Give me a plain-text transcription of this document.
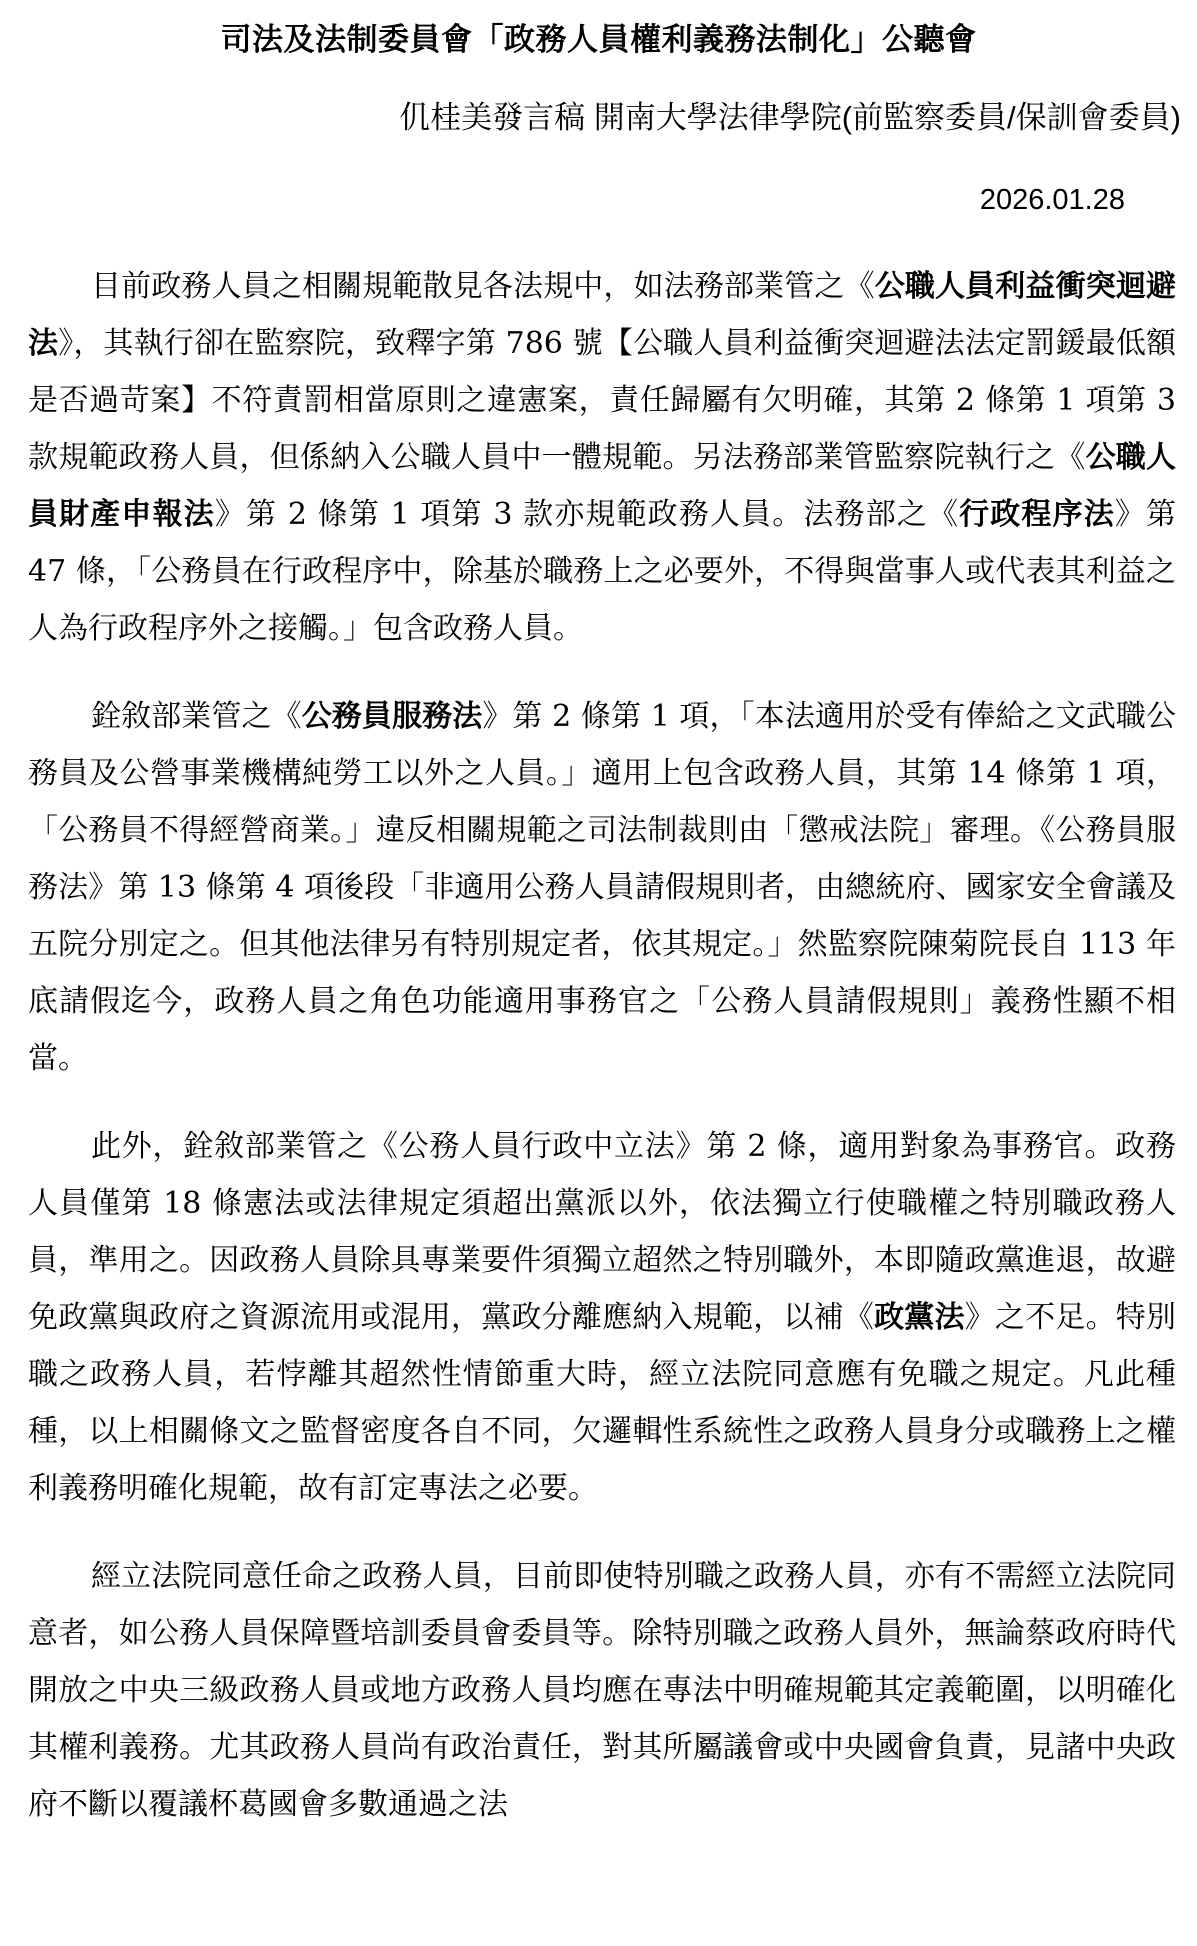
司法及法制委員會「政務人員權利義務法制化」公聽會
仉桂美發言稿 開南大學法律學院(前監察委員/保訓會委員)
2026.01.28

目前政務人員之相關規範散見各法規中，如法務部業管之《公職人員利益衝突迴避法》，其執行卻在監察院，致釋字第 786 號【公職人員利益衝突迴避法法定罰鍰最低額是否過苛案】不符責罰相當原則之違憲案，責任歸屬有欠明確，其第 2 條第 1 項第 3 款規範政務人員，但係納入公職人員中一體規範。另法務部業管監察院執行之《公職人員財產申報法》第 2 條第 1 項第 3 款亦規範政務人員。法務部之《行政程序法》第 47 條，「公務員在行政程序中，除基於職務上之必要外，不得與當事人或代表其利益之人為行政程序外之接觸。」包含政務人員。

銓敘部業管之《公務員服務法》第 2 條第 1 項，「本法適用於受有俸給之文武職公務員及公營事業機構純勞工以外之人員。」適用上包含政務人員，其第 14 條第 1 項，「公務員不得經營商業。」違反相關規範之司法制裁則由「懲戒法院」審理。《公務員服務法》第 13 條第 4 項後段「非適用公務人員請假規則者，由總統府、國家安全會議及五院分別定之。但其他法律另有特別規定者，依其規定。」然監察院陳菊院長自 113 年底請假迄今，政務人員之角色功能適用事務官之「公務人員請假規則」義務性顯不相當。

此外，銓敘部業管之《公務人員行政中立法》第 2 條，適用對象為事務官。政務人員僅第 18 條憲法或法律規定須超出黨派以外，依法獨立行使職權之特別職政務人員，準用之。因政務人員除具專業要件須獨立超然之特別職外，本即隨政黨進退，故避免政黨與政府之資源流用或混用，黨政分離應納入規範，以補《政黨法》之不足。特別職之政務人員，若悖離其超然性情節重大時，經立法院同意應有免職之規定。凡此種種，以上相關條文之監督密度各自不同，欠邏輯性系統性之政務人員身分或職務上之權利義務明確化規範，故有訂定專法之必要。

經立法院同意任命之政務人員，目前即使特別職之政務人員，亦有不需經立法院同意者，如公務人員保障暨培訓委員會委員等。除特別職之政務人員外，無論蔡政府時代開放之中央三級政務人員或地方政務人員均應在專法中明確規範其定義範圍，以明確化其權利義務。尤其政務人員尚有政治責任，對其所屬議會或中央國會負責，見諸中央政府不斷以覆議杯葛國會多數通過之法
